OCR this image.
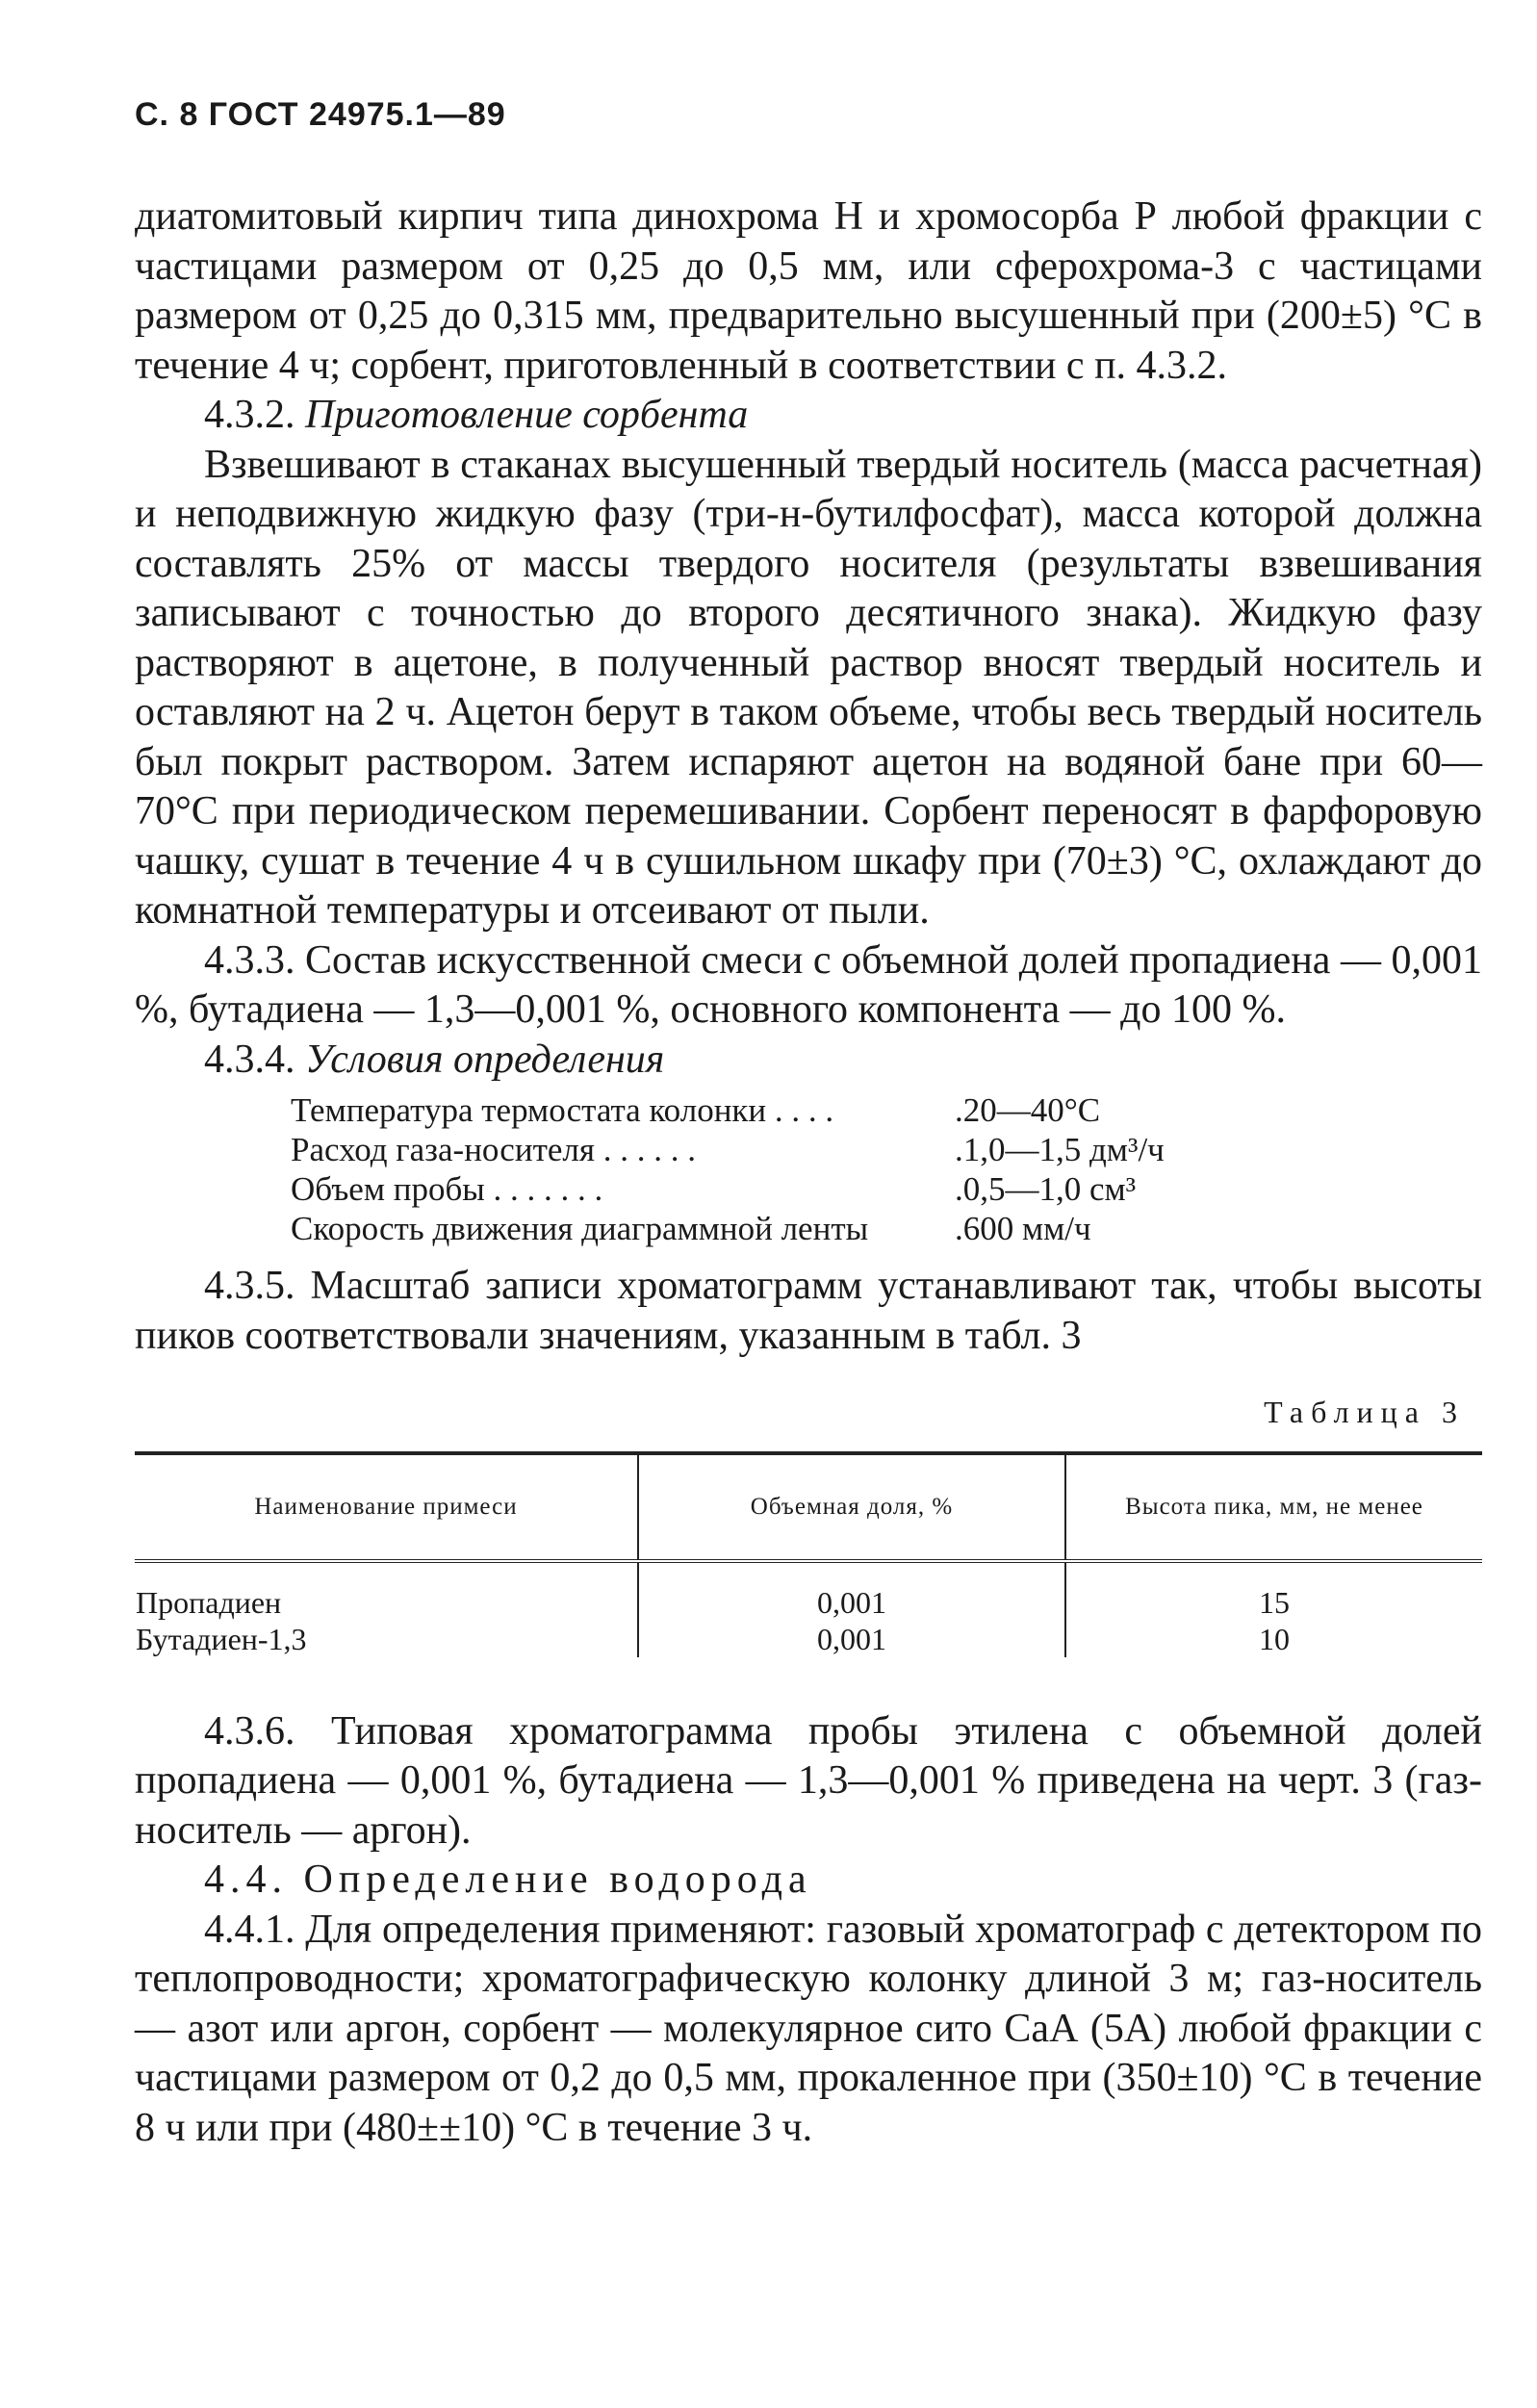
С. 8 ГОСТ 24975.1—89

диатомитовый кирпич типа динохрома Н и хромосорба Р любой фракции с частицами размером от 0,25 до 0,5 мм, или сферохрома-3 с частицами размером от 0,25 до 0,315 мм, предварительно высушенный при (200±5) °С в течение 4 ч; сорбент, приготовленный в соответствии с п. 4.3.2.

4.3.2. Приготовление сорбента

Взвешивают в стаканах высушенный твердый носитель (масса расчетная) и неподвижную жидкую фазу (три-н-бутилфосфат), масса которой должна составлять 25% от массы твердого носителя (результаты взвешивания записывают с точностью до второго десятичного знака). Жидкую фазу растворяют в ацетоне, в полученный раствор вносят твердый носитель и оставляют на 2 ч. Ацетон берут в таком объеме, чтобы весь твердый носитель был покрыт раствором. Затем испаряют ацетон на водяной бане при 60—70°С при периодическом перемешивании. Сорбент переносят в фарфоровую чашку, сушат в течение 4 ч в сушильном шкафу при (70±3) °С, охлаждают до комнатной температуры и отсеивают от пыли.

4.3.3. Состав искусственной смеси с объемной долей пропадиена — 0,001 %, бутадиена — 1,3—0,001 %, основного компонента — до 100 %.

4.3.4. Условия определения

Температура термостата колонки . . . .	.20—40°С
Расход газа-носителя . . . . . .	.1,0—1,5 дм³/ч
Объем пробы . . . . . . .	.0,5—1,0 см³
Скорость движения диаграммной ленты	.600 мм/ч

4.3.5. Масштаб записи хроматограмм устанавливают так, чтобы высоты пиков соответствовали значениям, указанным в табл. 3

Таблица 3
Наименование примеси	Объемная доля, %	Высота пика, мм, не менее

Пропадиен	0,001	15
Бутадиен-1,3	0,001	10

4.3.6. Типовая хроматограмма пробы этилена с объемной долей пропадиена — 0,001 %, бутадиена — 1,3—0,001 % приведена на черт. 3 (газ-носитель — аргон).

4.4. Определение водорода

4.4.1. Для определения применяют: газовый хроматограф с детектором по теплопроводности; хроматографическую колонку длиной 3 м; газ-носитель — азот или аргон, сорбент — молекулярное сито СаА (5А) любой фракции с частицами размером от 0,2 до 0,5 мм, прокаленное при (350±10) °С в течение 8 ч или при (480±±10) °С в течение 3 ч.
